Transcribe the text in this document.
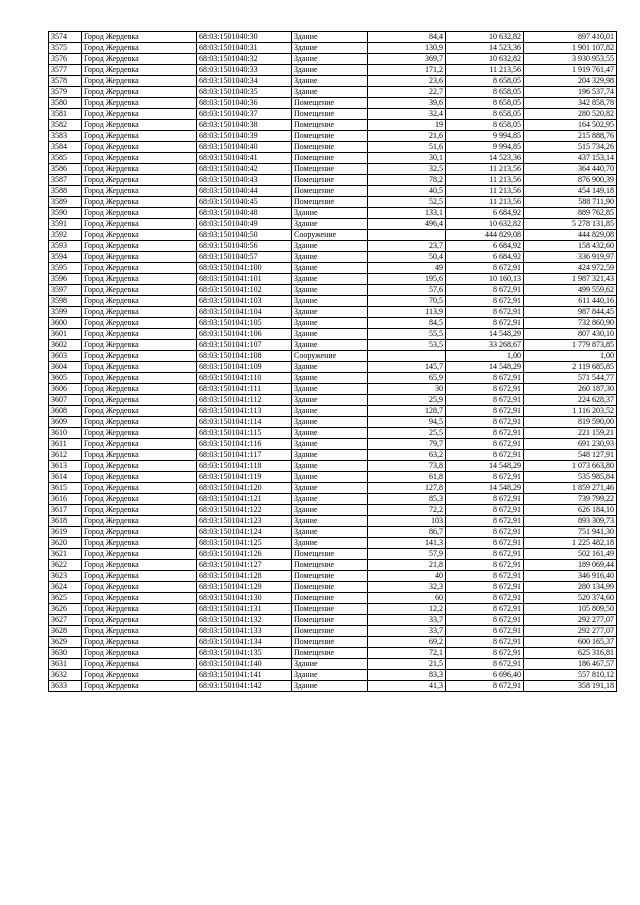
3574	Город Жердевка	68:03:1501040:30	Здание	84,4	10 632,82	897 410,01
3575	Город Жердевка	68:03:1501040:31	Здание	130,9	14 523,36	1 901 107,82
3576	Город Жердевка	68:03:1501040:32	Здание	369,7	10 632,82	3 930 953,55
3577	Город Жердевка	68:03:1501040:33	Здание	171,2	11 213,56	1 919 761,47
3578	Город Жердевка	68:03:1501040:34	Здание	23,6	8 658,05	204 329,98
3579	Город Жердевка	68:03:1501040:35	Здание	22,7	8 658,05	196 537,74
3580	Город Жердевка	68:03:1501040:36	Помещение	39,6	8 658,05	342 858,78
3581	Город Жердевка	68:03:1501040:37	Помещение	32,4	8 658,05	280 520,82
3582	Город Жердевка	68:03:1501040:38	Помещение	19	8 658,05	164 502,95
3583	Город Жердевка	68:03:1501040:39	Помещение	21,6	9 994,85	215 888,76
3584	Город Жердевка	68:03:1501040:40	Помещение	51,6	9 994,85	515 734,26
3585	Город Жердевка	68:03:1501040:41	Помещение	30,1	14 523,36	437 153,14
3586	Город Жердевка	68:03:1501040:42	Помещение	32,5	11 213,56	364 440,70
3587	Город Жердевка	68:03:1501040:43	Помещение	78,2	11 213,56	876 900,39
3588	Город Жердевка	68:03:1501040:44	Помещение	40,5	11 213,56	454 149,18
3589	Город Жердевка	68:03:1501040:45	Помещение	52,5	11 213,56	588 711,90
3590	Город Жердевка	68:03:1501040:48	Здание	133,1	6 684,92	889 762,85
3591	Город Жердевка	68:03:1501040:49	Здание	496,4	10 632,82	5 278 131,85
3592	Город Жердевка	68:03:1501040:50	Сооружение		444 829,08	444 829,08
3593	Город Жердевка	68:03:1501040:56	Здание	23,7	6 684,92	158 432,60
3594	Город Жердевка	68:03:1501040:57	Здание	50,4	6 684,92	336 919,97
3595	Город Жердевка	68:03:1501041:100	Здание	49	8 672,91	424 972,59
3596	Город Жердевка	68:03:1501041:101	Здание	195,6	10 160,13	1 987 321,43
3597	Город Жердевка	68:03:1501041:102	Здание	57,6	8 672,91	499 559,62
3598	Город Жердевка	68:03:1501041:103	Здание	70,5	8 672,91	611 440,16
3599	Город Жердевка	68:03:1501041:104	Здание	113,9	8 672,91	987 844,45
3600	Город Жердевка	68:03:1501041:105	Здание	84,5	8 672,91	732 860,90
3601	Город Жердевка	68:03:1501041:106	Здание	55,5	14 548,29	807 430,10
3602	Город Жердевка	68:03:1501041:107	Здание	53,5	33 268,67	1 779 873,85
3603	Город Жердевка	68:03:1501041:108	Сооружение		1,00	1,00
3604	Город Жердевка	68:03:1501041:109	Здание	145,7	14 548,29	2 119 685,85
3605	Город Жердевка	68:03:1501041:110	Здание	65,9	8 672,91	571 544,77
3606	Город Жердевка	68:03:1501041:111	Здание	30	8 672,91	260 187,30
3607	Город Жердевка	68:03:1501041:112	Здание	25,9	8 672,91	224 628,37
3608	Город Жердевка	68:03:1501041:113	Здание	128,7	8 672,91	1 116 203,52
3609	Город Жердевка	68:03:1501041:114	Здание	94,5	8 672,91	819 590,00
3610	Город Жердевка	68:03:1501041:115	Здание	25,5	8 672,91	221 159,21
3611	Город Жердевка	68:03:1501041:116	Здание	79,7	8 672,91	691 230,93
3612	Город Жердевка	68:03:1501041:117	Здание	63,2	8 672,91	548 127,91
3613	Город Жердевка	68:03:1501041:118	Здание	73,8	14 548,29	1 073 663,80
3614	Город Жердевка	68:03:1501041:119	Здание	61,8	8 672,91	535 985,84
3615	Город Жердевка	68:03:1501041:120	Здание	127,8	14 548,29	1 859 271,46
3616	Город Жердевка	68:03:1501041:121	Здание	85,3	8 672,91	739 799,22
3617	Город Жердевка	68:03:1501041:122	Здание	72,2	8 672,91	626 184,10
3618	Город Жердевка	68:03:1501041:123	Здание	103	8 672,91	893 309,73
3619	Город Жердевка	68:03:1501041:124	Здание	86,7	8 672,91	751 941,30
3620	Город Жердевка	68:03:1501041:125	Здание	141,3	8 672,91	1 225 482,18
3621	Город Жердевка	68:03:1501041:126	Помещение	57,9	8 672,91	502 161,49
3622	Город Жердевка	68:03:1501041:127	Помещение	21,8	8 672,91	189 069,44
3623	Город Жердевка	68:03:1501041:128	Помещение	40	8 672,91	346 916,40
3624	Город Жердевка	68:03:1501041:129	Помещение	32,3	8 672,91	280 134,99
3625	Город Жердевка	68:03:1501041:130	Помещение	60	8 672,91	520 374,60
3626	Город Жердевка	68:03:1501041:131	Помещение	12,2	8 672,91	105 809,50
3627	Город Жердевка	68:03:1501041:132	Помещение	33,7	8 672,91	292 277,07
3628	Город Жердевка	68:03:1501041:133	Помещение	33,7	8 672,91	292 277,07
3629	Город Жердевка	68:03:1501041:134	Помещение	69,2	8 672,91	600 165,37
3630	Город Жердевка	68:03:1501041:135	Помещение	72,1	8 672,91	625 316,81
3631	Город Жердевка	68:03:1501041:140	Здание	21,5	8 672,91	186 467,57
3632	Город Жердевка	68:03:1501041:141	Здание	83,3	6 696,40	557 810,12
3633	Город Жердевка	68:03:1501041:142	Здание	41,3	8 672,91	358 191,18
